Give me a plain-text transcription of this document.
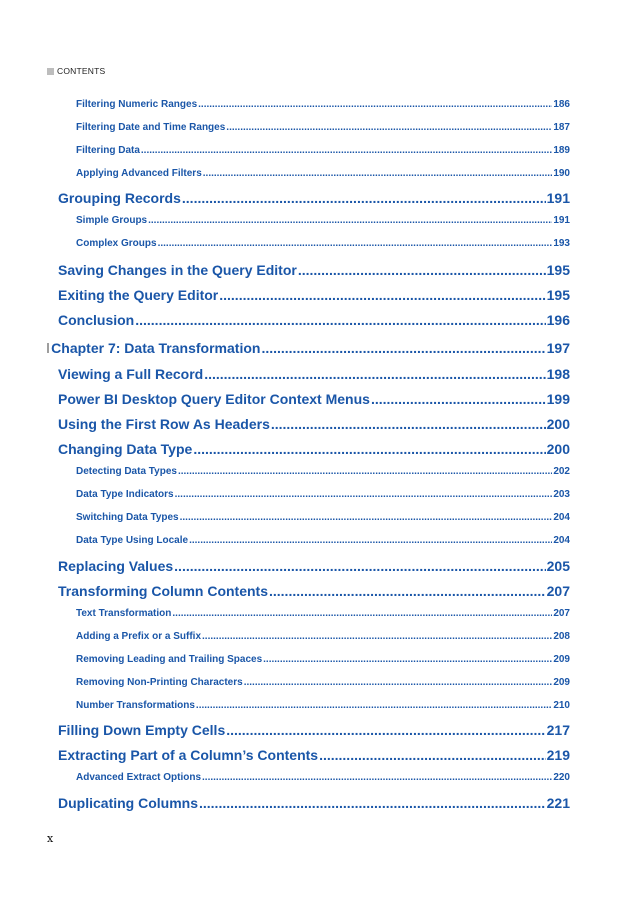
CONTENTS
Filtering Numeric Ranges .....	186
Filtering Date and Time Ranges .....	187
Filtering Data .....	189
Applying Advanced Filters .....	190
Grouping Records .....	191
Simple Groups .....	191
Complex Groups .....	193
Saving Changes in the Query Editor .....	195
Exiting the Query Editor .....	195
Conclusion .....	196
Chapter 7: Data Transformation .....	197
Viewing a Full Record .....	198
Power BI Desktop Query Editor Context Menus .....	199
Using the First Row As Headers .....	200
Changing Data Type .....	200
Detecting Data Types .....	202
Data Type Indicators .....	203
Switching Data Types .....	204
Data Type Using Locale .....	204
Replacing Values .....	205
Transforming Column Contents .....	207
Text Transformation .....	207
Adding a Prefix or a Suffix .....	208
Removing Leading and Trailing Spaces .....	209
Removing Non-Printing Characters .....	209
Number Transformations .....	210
Filling Down Empty Cells .....	217
Extracting Part of a Column’s Contents .....	219
Advanced Extract Options .....	220
Duplicating Columns .....	221
x
